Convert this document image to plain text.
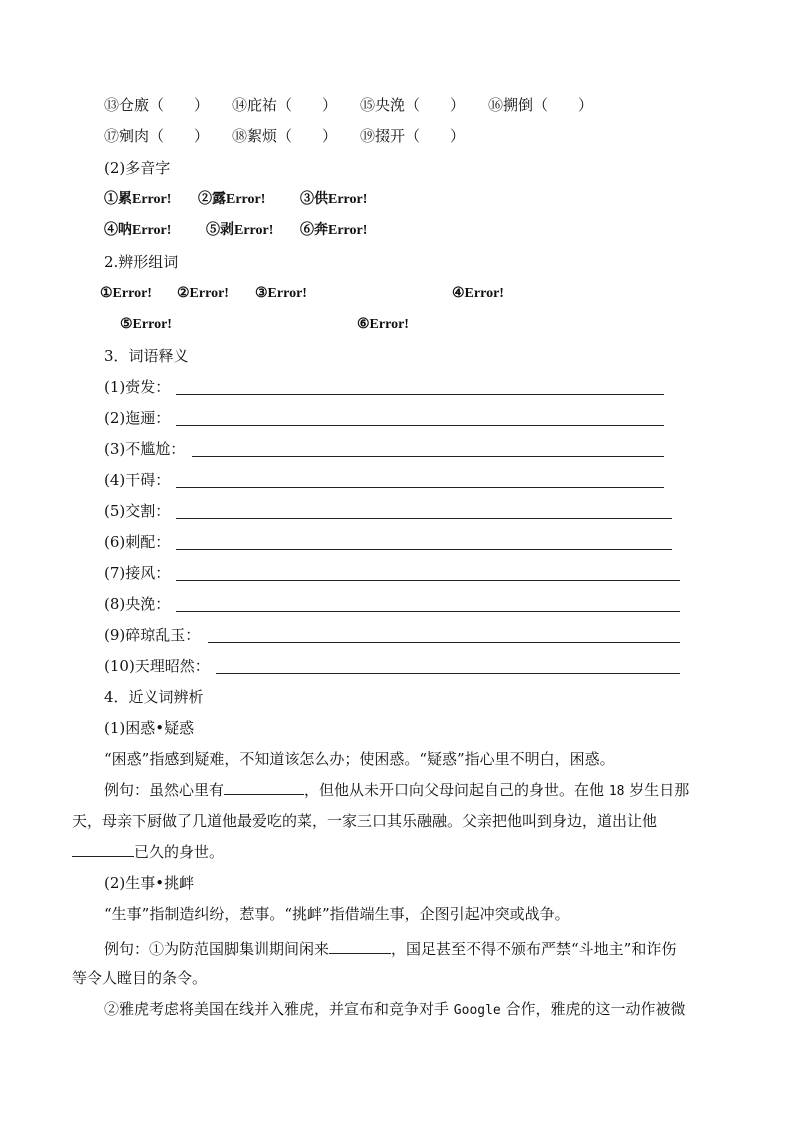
⑬仓廒（　　） ⑭庇祐（　　） ⑮央浼（　　） ⑯搠倒（　　）
⑰剜肉（　　） ⑱絮烦（　　） ⑲掇开（　　）
(2)多音字
①累Error! ②露Error! ③供Error!
④呐Error! ⑤剥Error! ⑥奔Error!
2.辨形组词
①Error! ②Error! ③Error!	④Error!
⑤Error!	⑥Error!
3．词语释义
(1)赍发：
(2)迤逦：
(3)不尴尬：
(4)干碍：
(5)交割：
(6)刺配：
(7)接风：
(8)央浼：
(9)碎琼乱玉：
(10)天理昭然：
4．近义词辨析
(1)困惑•疑惑
“困惑”指感到疑难，不知道该怎么办；使困惑。“疑惑”指心里不明白，困惑。
例句：虽然心里有	，但他从未开口向父母问起自己的身世。在他 18 岁生日那
天，母亲下厨做了几道他最爱吃的菜，一家三口其乐融融。父亲把他叫到身边，道出让他
已久的身世。
(2)生事•挑衅
“生事”指制造纠纷，惹事。“挑衅”指借端生事，企图引起冲突或战争。
例句：①为防范国脚集训期间闲来	，国足甚至不得不颁布严禁“斗地主”和诈伤
等令人瞠目的条令。
②雅虎考虑将美国在线并入雅虎，并宣布和竞争对手 Google 合作，雅虎的这一动作被微
